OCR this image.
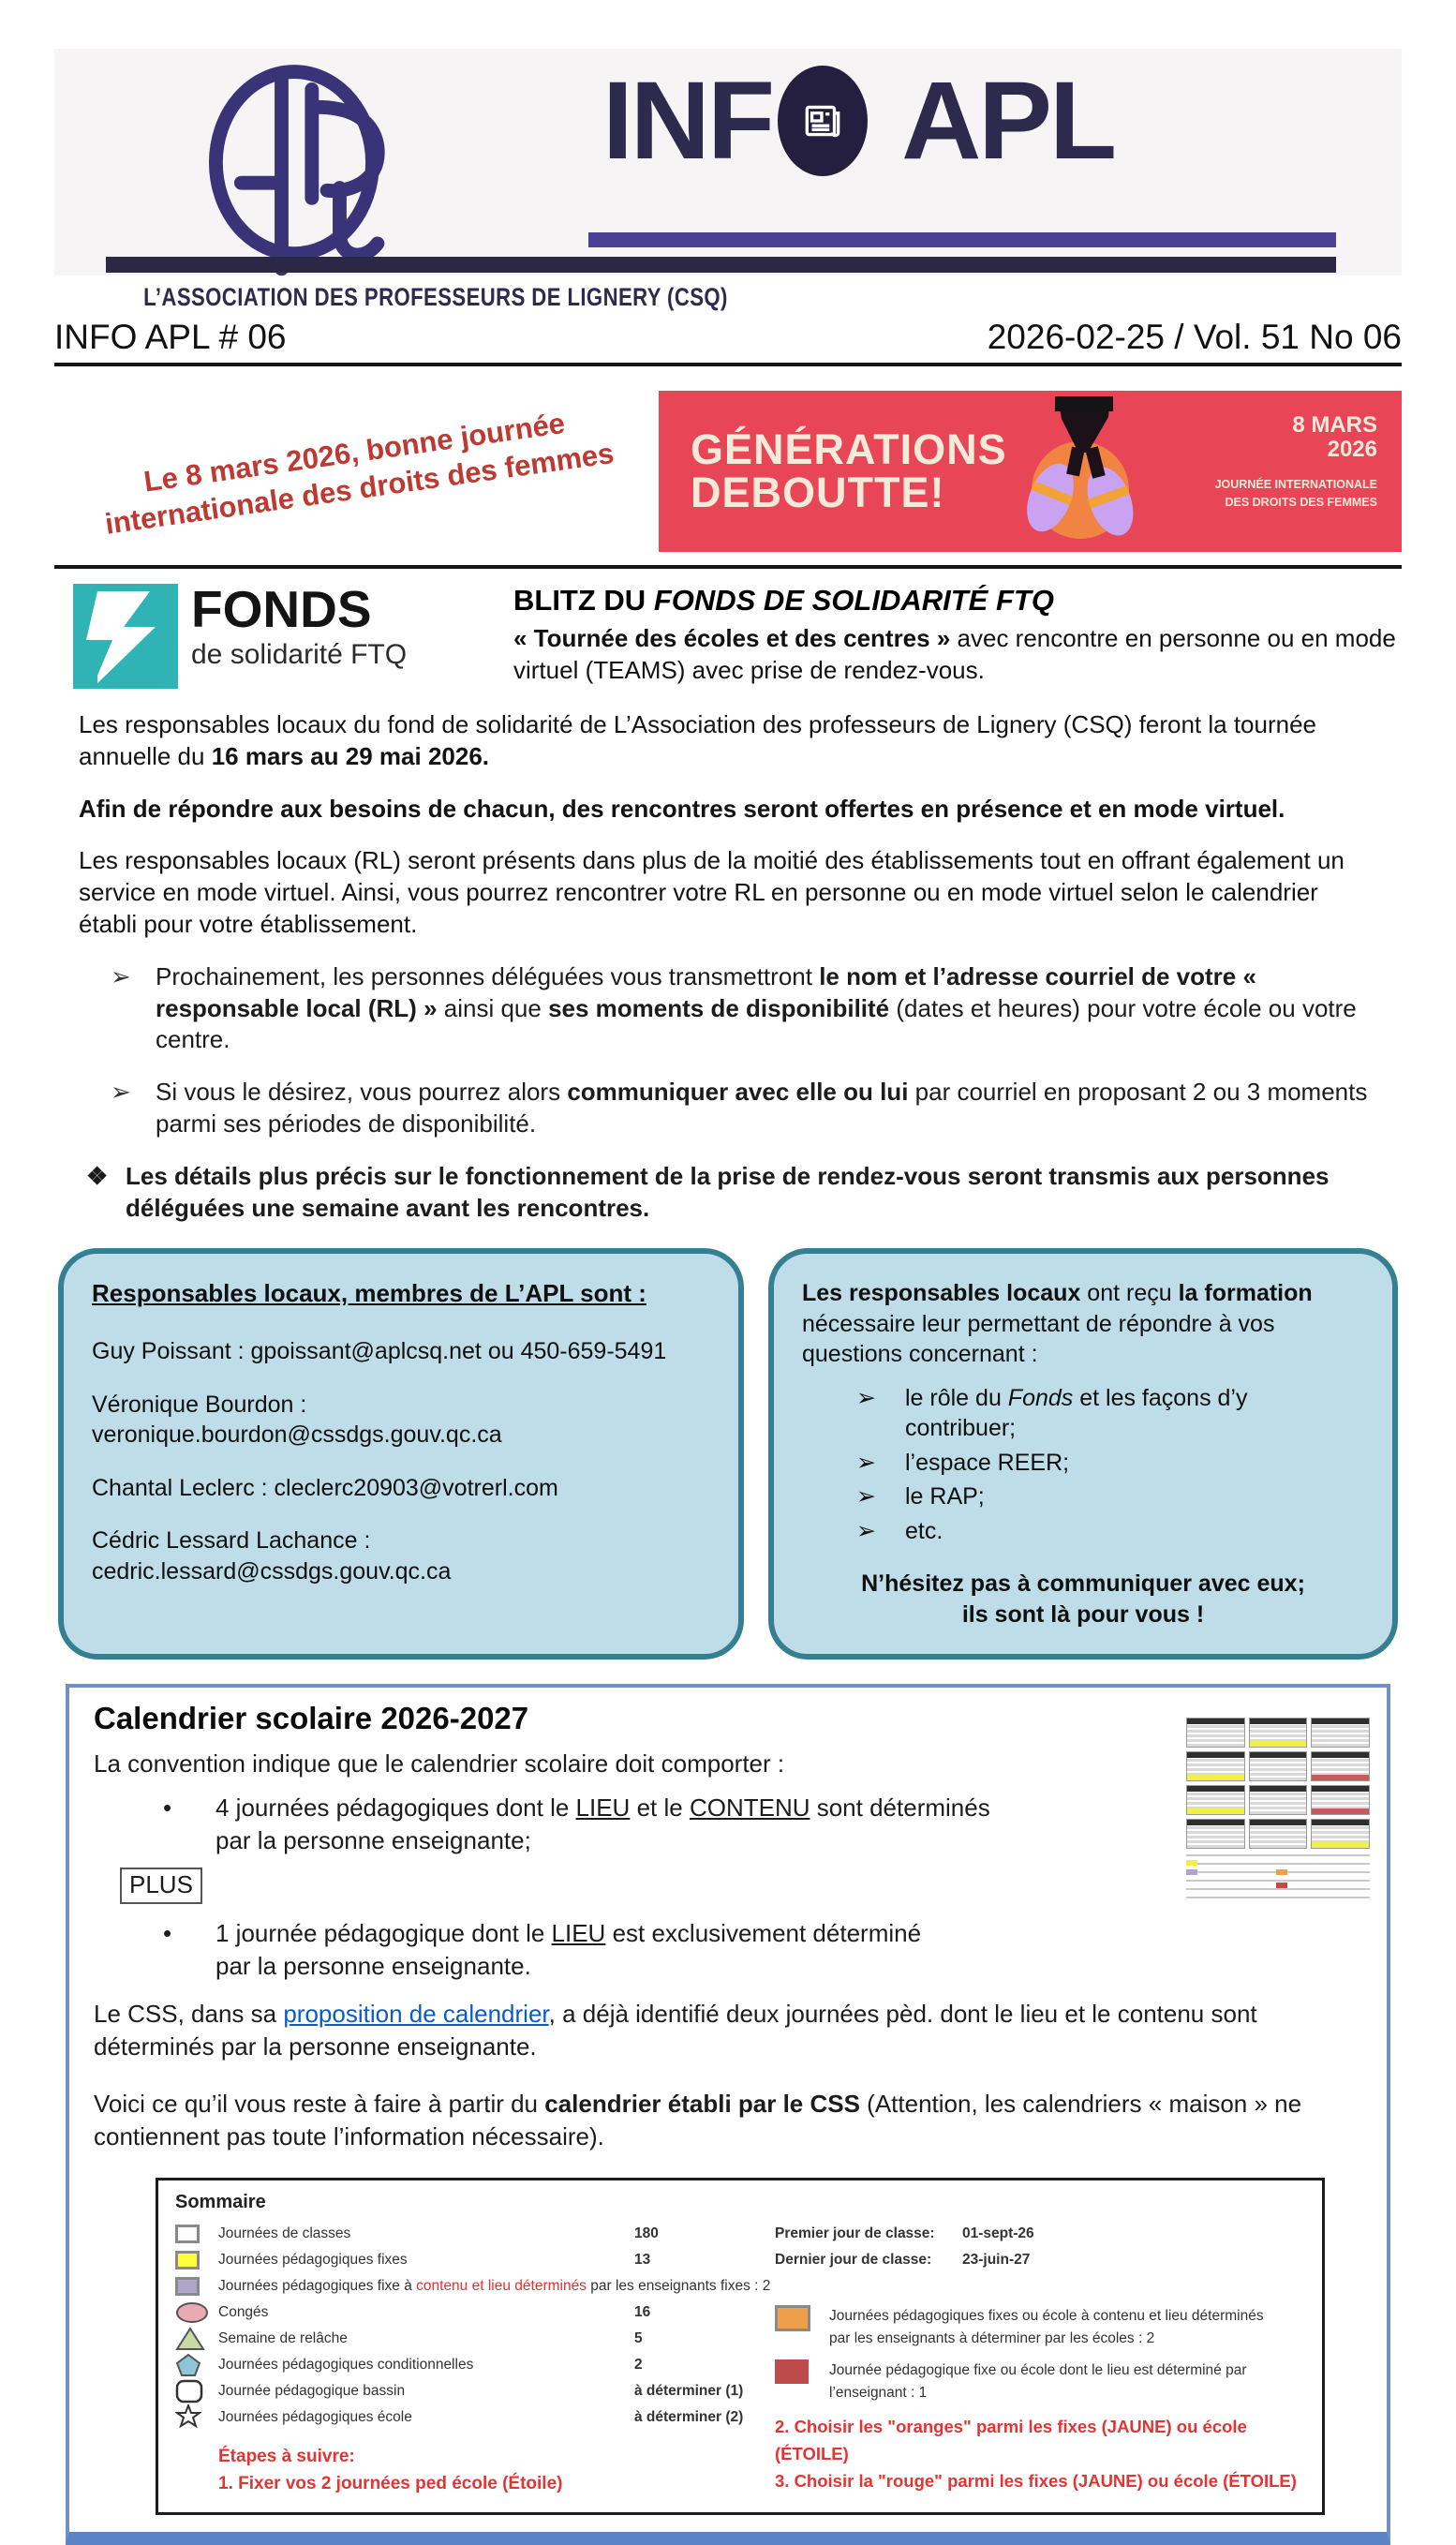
INF APL
L’ASSOCIATION DES PROFESSEURS DE LIGNERY (CSQ)
INFO APL # 06	2026-02-25 / Vol. 51 No 06
Le 8 mars 2026, bonne journée internationale des droits des femmes GÉNÉRATIONS
DEBOUTTE!
8 MARS
2026
JOURNÉE INTERNATIONALE
DES DROITS DES FEMMES
FONDS
de solidarité FTQ
BLITZ DU FONDS DE SOLIDARITÉ FTQ
« Tournée des écoles et des centres » avec rencontre en personne ou en mode virtuel (TEAMS) avec prise de rendez-vous.

Les responsables locaux du fond de solidarité de L’Association des professeurs de Lignery (CSQ) feront la tournée annuelle du 16 mars au 29 mai 2026.

Afin de répondre aux besoins de chacun, des rencontres seront offertes en présence et en mode virtuel.

Les responsables locaux (RL) seront présents dans plus de la moitié des établissements tout en offrant également un service en mode virtuel. Ainsi, vous pourrez rencontrer votre RL en personne ou en mode virtuel selon le calendrier établi pour votre établissement.

➢	Prochainement, les personnes déléguées vous transmettront le nom et l’adresse courriel de votre « responsable local (RL) » ainsi que ses moments de disponibilité (dates et heures) pour votre école ou votre centre.
➢	Si vous le désirez, vous pourrez alors communiquer avec elle ou lui par courriel en proposant 2 ou 3 moments parmi ses périodes de disponibilité.
❖ Les détails plus précis sur le fonctionnement de la prise de rendez-vous seront transmis aux personnes déléguées une semaine avant les rencontres.
Responsables locaux, membres de L’APL sont :
Guy Poissant : gpoissant@aplcsq.net ou 450-659-5491
Véronique Bourdon : veronique.bourdon@cssdgs.gouv.qc.ca
Chantal Leclerc : cleclerc20903@votrerl.com
Cédric Lessard Lachance : cedric.lessard@cssdgs.gouv.qc.ca
Les responsables locaux ont reçu la formation nécessaire leur permettant de répondre à vos questions concernant :
➢	le rôle du Fonds et les façons d’y contribuer;
➢	l’espace REER;
➢	le RAP;
➢	etc.
N’hésitez pas à communiquer avec eux;
ils sont là pour vous !
Calendrier scolaire 2026-2027
La convention indique que le calendrier scolaire doit comporter :
•	4 journées pédagogiques dont le LIEU et le CONTENU sont déterminés
par la personne enseignante;
PLUS
•	1 journée pédagogique dont le LIEU est exclusivement déterminé
par la personne enseignante.

Le CSS, dans sa proposition de calendrier, a déjà identifié deux journées pèd. dont le lieu et le contenu sont déterminés par la personne enseignante.

Voici ce qu’il vous reste à faire à partir du calendrier établi par le CSS (Attention, les calendriers « maison » ne contiennent pas toute l’information nécessaire).

Sommaire
Journées de classes	180
Journées pédagogiques fixes	13
Journées pédagogiques fixe à contenu et lieu déterminés par les enseignants fixes : 2
Congés	16
Semaine de relâche	5
Journées pédagogiques conditionnelles	2
Journée pédagogique bassin	à déterminer (1)
Journées pédagogiques école	à déterminer (2)
Étapes à suivre:
1. Fixer vos 2 journées ped école (Étoile)
Premier jour de classe:	01-sept-26
Dernier jour de classe:	23-juin-27
Journées pédagogiques fixes ou école à contenu et lieu déterminés
par les enseignants à déterminer par les écoles : 2
Journée pédagogique fixe ou école dont le lieu est déterminé par l’enseignant : 1
2. Choisir les "oranges" parmi les fixes (JAUNE) ou école (ÉTOILE)
3. Choisir la "rouge" parmi les fixes (JAUNE) ou école (ÉTOILE)
